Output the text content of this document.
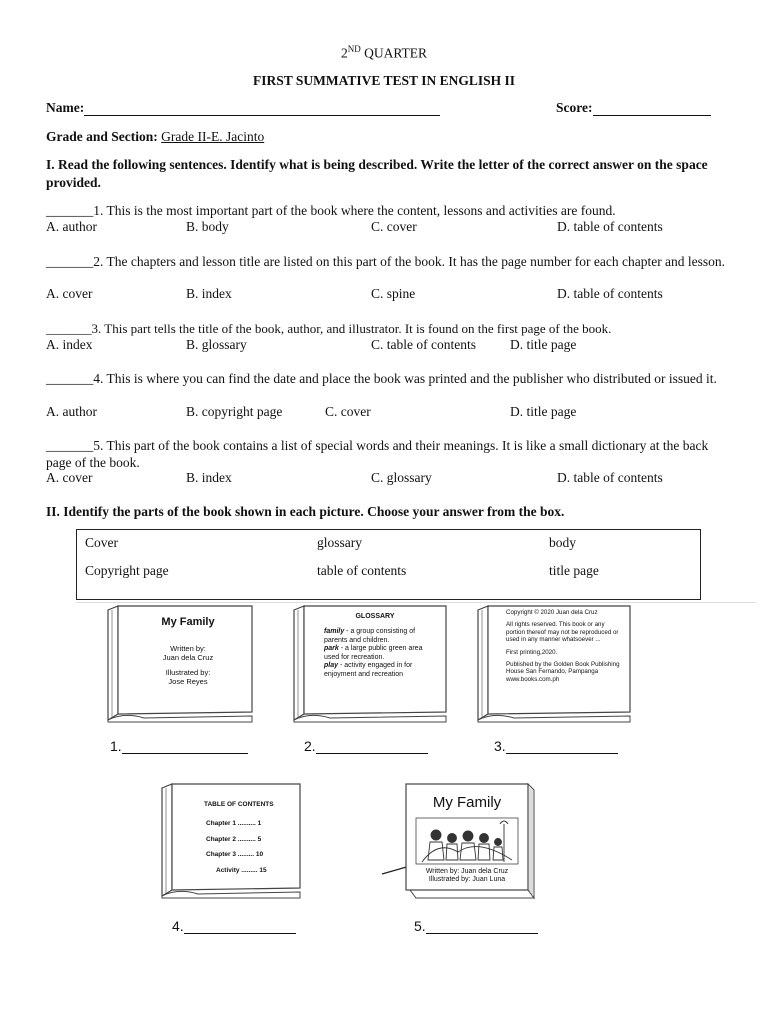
2ND QUARTER
FIRST SUMMATIVE TEST IN ENGLISH II
Name:	Score:
Grade and Section: Grade II-E. Jacinto
I. Read the following sentences. Identify what is being described. Write the letter of the correct answer on the space provided.
_______1. This is the most important part of the book where the content, lessons and activities are found.
A. author	B. body	C. cover	D. table of contents
_______2. The chapters and lesson title are listed on this part of the book. It has the page number for each chapter and lesson.
A. cover	B. index	C. spine	D. table of contents
_______3. This part tells the title of the book, author, and illustrator. It is found on the first page of the book.
A. index	B. glossary	C. table of contents	D. title page
_______4. This is where you can find the date and place the book was printed and the publisher who distributed or issued it.
A. author	B. copyright page	C. cover	D. title page
_______5. This part of the book contains a list of special words and their meanings. It is like a small dictionary at the back page of the book.
A. cover	B. index	C. glossary	D. table of contents
II. Identify the parts of the book shown in each picture. Choose your answer from the box.
Cover	glossary	body
Copyright page	table of contents	title page
My Family
Written by:
Juan dela Cruz
Illustrated by:
Jose Reyes
1.
GLOSSARY
family - a group consisting of parents and children.
park - a large public green area used for recreation.
play - activity engaged in for enjoyment and recreation
2.
Copyright © 2020 Juan dela Cruz
All rights reserved. This book or any portion thereof may not be reproduced or used in any manner whatsoever ...
First printing,2020.
Published by the Golden Book Publishing House San Fernando, Pampanga www.books.com.ph
3.
TABLE OF CONTENTS
Chapter 1 .......... 1
Chapter 2 .......... 5
Chapter 3 ......... 10
Activity ......... 15
4.
My Family
Written by: Juan dela Cruz
Illustrated by: Juan Luna
5.
